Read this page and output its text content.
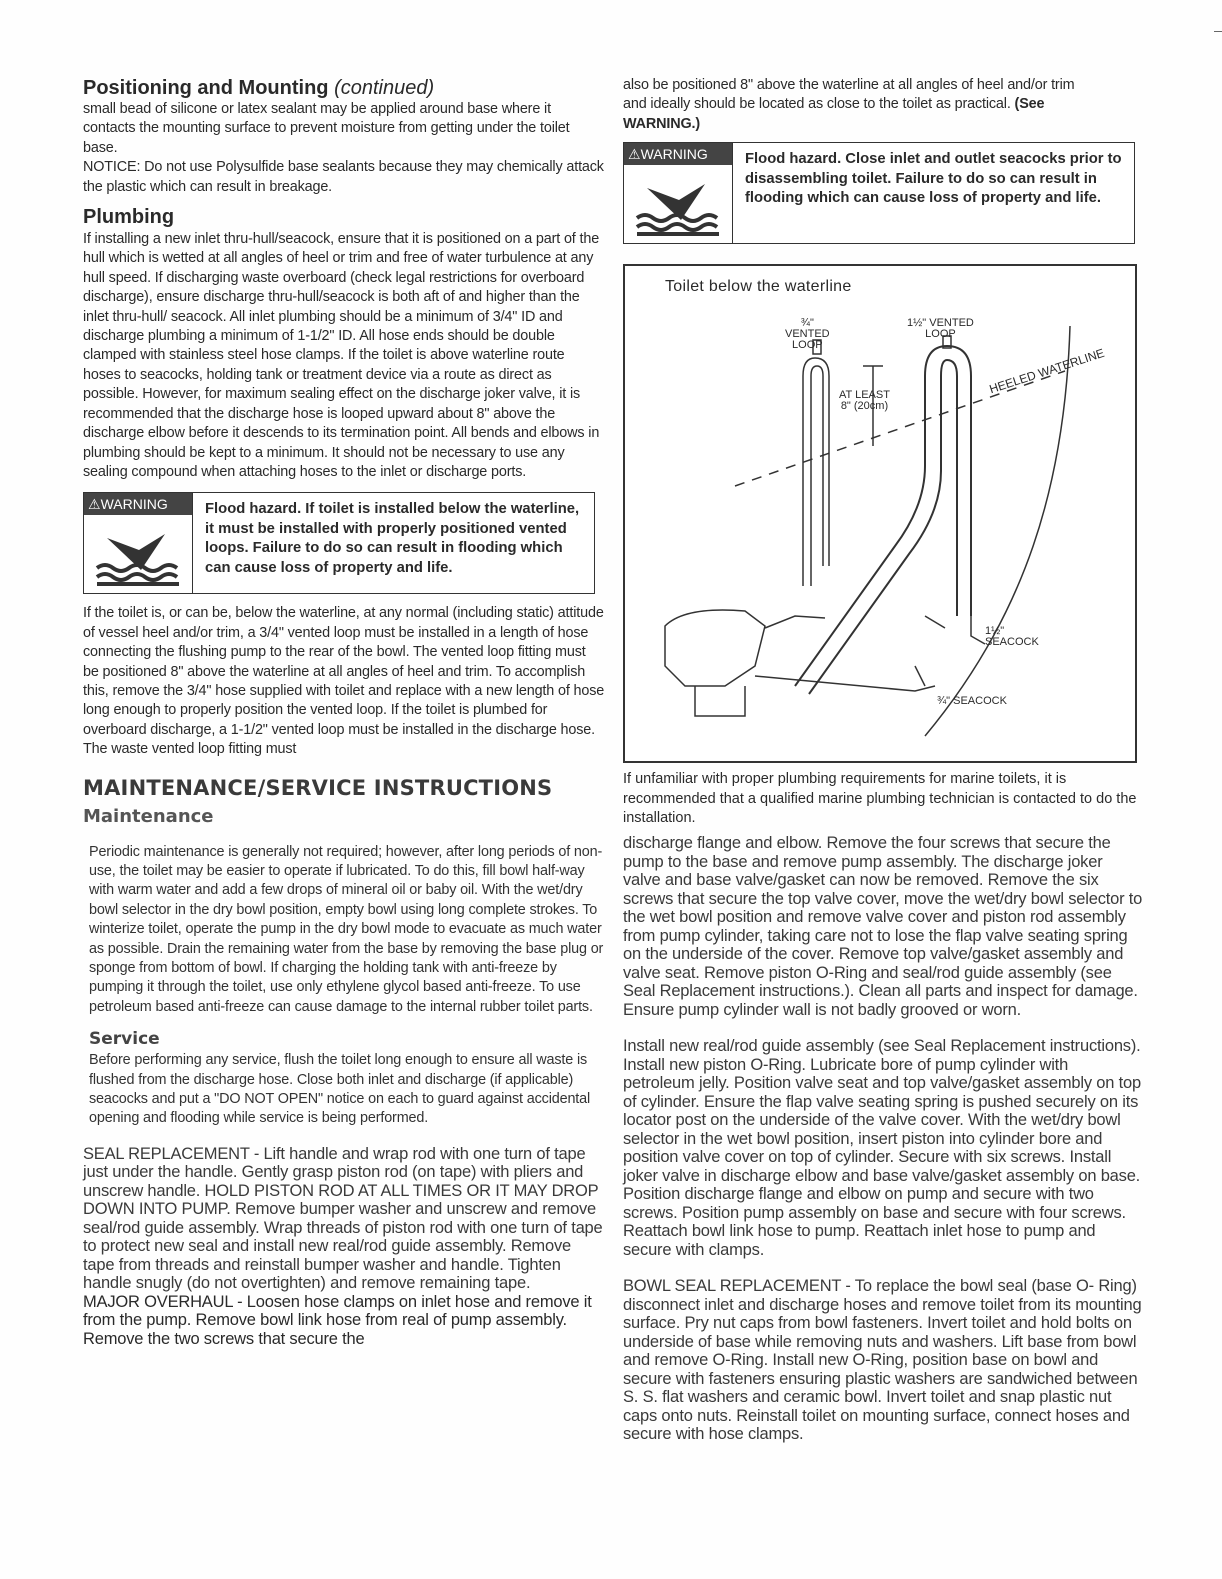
Positioning and Mounting (continued)

small bead of silicone or latex sealant may be applied around base where it contacts the mounting surface to prevent moisture from getting under the toilet base.

NOTICE: Do not use Polysulfide base sealants because they may chemically attack the plastic which can result in breakage.

Plumbing

If installing a new inlet thru-hull/seacock, ensure that it is positioned on a part of the hull which is wetted at all angles of heel or trim and free of water turbulence at any hull speed. If discharging waste overboard (check legal restrictions for overboard discharge), ensure discharge thru-hull/seacock is both aft of and higher than the inlet thru-hull/ seacock. All inlet plumbing should be a minimum of 3/4" ID and discharge plumbing a minimum of 1-1/2" ID. All hose ends should be double clamped with stainless steel hose clamps. If the toilet is above waterline route hoses to seacocks, holding tank or treatment device via a route as direct as possible. However, for maximum sealing effect on the discharge joker valve, it is recommended that the discharge hose is looped upward about 8" above the discharge elbow before it descends to its termination point. All bends and elbows in plumbing should be kept to a minimum. It should not be necessary to use any sealing compound when attaching hoses to the inlet or discharge ports.

⚠WARNING	Flood hazard. If toilet is installed below the waterline, it must be installed with properly positioned vented loops. Failure to do so can result in flooding which can cause loss of property and life.

If the toilet is, or can be, below the waterline, at any normal (including static) attitude of vessel heel and/or trim, a 3/4" vented loop must be installed in a length of hose connecting the flushing pump to the rear of the bowl. The vented loop fitting must be positioned 8" above the waterline at all angles of heel and trim. To accomplish this, remove the 3/4" hose supplied with toilet and replace with a new length of hose long enough to properly position the vented loop. If the toilet is plumbed for overboard discharge, a 1-1/2" vented loop must be installed in the discharge hose. The waste vented loop fitting must

MAINTENANCE/SERVICE INSTRUCTIONS
Maintenance

Periodic maintenance is generally not required; however, after long periods of non-use, the toilet may be easier to operate if lubricated. To do this, fill bowl half-way with warm water and add a few drops of mineral oil or baby oil. With the wet/dry bowl selector in the dry bowl position, empty bowl using long complete strokes. To winterize toilet, operate the pump in the dry bowl mode to evacuate as much water as possible. Drain the remaining water from the base by removing the base plug or sponge from bottom of bowl. If charging the holding tank with anti-freeze by pumping it through the toilet, use only ethylene glycol based anti-freeze. To use petroleum based anti-freeze can cause damage to the internal rubber toilet parts.

Service

Before performing any service, flush the toilet long enough to ensure all waste is flushed from the discharge hose. Close both inlet and discharge (if applicable) seacocks and put a "DO NOT OPEN" notice on each to guard against accidental opening and flooding while service is being performed.

SEAL REPLACEMENT - Lift handle and wrap rod with one turn of tape just under the handle. Gently grasp piston rod (on tape) with pliers and unscrew handle. HOLD PISTON ROD AT ALL TIMES OR IT MAY DROP DOWN INTO PUMP. Remove bumper washer and unscrew and remove seal/rod guide assembly. Wrap threads of piston rod with one turn of tape to protect new seal and install new real/rod guide assembly. Remove tape from threads and reinstall bumper washer and handle. Tighten handle snugly (do not overtighten) and remove remaining tape.

MAJOR OVERHAUL - Loosen hose clamps on inlet hose and remove it from the pump. Remove bowl link hose from real of pump assembly. Remove the two screws that secure the

also be positioned 8" above the waterline at all angles of heel and/or trim and ideally should be located as close to the toilet as practical. (See WARNING.)

⚠WARNING	Flood hazard. Close inlet and outlet seacocks prior to disassembling toilet. Failure to do so can result in flooding which can cause loss of property and life.
Toilet below the waterline
¾"
VENTED
LOOP
1½" VENTED
LOOP
AT LEAST
8" (20cm)
HEELED WATERLINE
1½"
SEACOCK
¾" SEACOCK

If unfamiliar with proper plumbing requirements for marine toilets, it is recommended that a qualified marine plumbing technician is contacted to do the installation.

discharge flange and elbow. Remove the four screws that secure the pump to the base and remove pump assembly. The discharge joker valve and base valve/gasket can now be removed. Remove the six screws that secure the top valve cover, move the wet/dry bowl selector to the wet bowl position and remove valve cover and piston rod assembly from pump cylinder, taking care not to lose the flap valve seating spring on the underside of the cover. Remove top valve/gasket assembly and valve seat. Remove piston O-Ring and seal/rod guide assembly (see Seal Replacement instructions.). Clean all parts and inspect for damage. Ensure pump cylinder wall is not badly grooved or worn.

Install new real/rod guide assembly (see Seal Replacement instructions). Install new piston O-Ring. Lubricate bore of pump cylinder with petroleum jelly. Position valve seat and top valve/gasket assembly on top of cylinder. Ensure the flap valve seating spring is pushed securely on its locator post on the underside of the valve cover. With the wet/dry bowl selector in the wet bowl position, insert piston into cylinder bore and position valve cover on top of cylinder. Secure with six screws. Install joker valve in discharge elbow and base valve/gasket assembly on base. Position discharge flange and elbow on pump and secure with two screws. Position pump assembly on base and secure with four screws. Reattach bowl link hose to pump. Reattach inlet hose to pump and secure with clamps.

BOWL SEAL REPLACEMENT - To replace the bowl seal (base O- Ring) disconnect inlet and discharge hoses and remove toilet from its mounting surface. Pry nut caps from bowl fasteners. Invert toilet and hold bolts on underside of base while removing nuts and washers. Lift base from bowl and remove O-Ring. Install new O-Ring, position base on bowl and secure with fasteners ensuring plastic washers are sandwiched between S. S. flat washers and ceramic bowl. Invert toilet and snap plastic nut caps onto nuts. Reinstall toilet on mounting surface, connect hoses and secure with hose clamps.
